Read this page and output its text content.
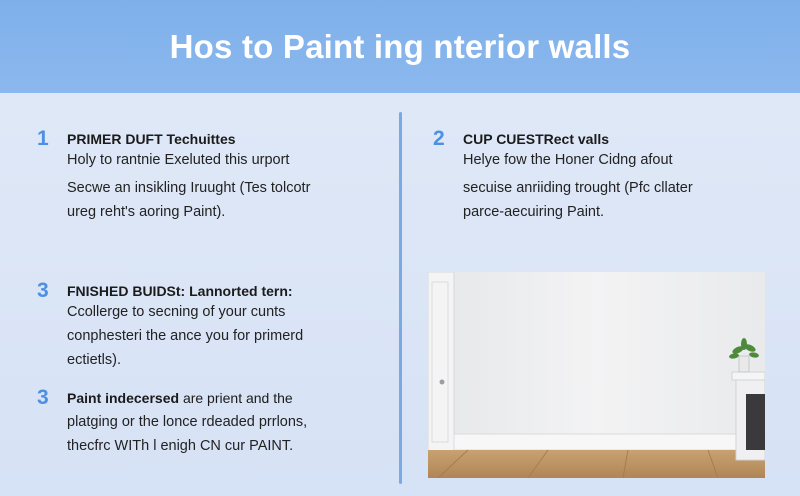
Hos to Paint ing nterior walls
1 PRIMER DUFT Techuittes
Holy to rantnie Exeluted this urport
Secwe an insikling Iruught (Tes tolcotr
ureg reht's aoring Paint).
2 CUP CUESTRect valls
Helye fow the Honer Cidng afout
secuise anriiding trought (Pfc cllater
parce-aecuiring Paint.
3 FNISHED BUIDSt: Lannorted tern:
Ccollerge to secning of your cunts
conphesteri the ance you for primerd
ectietls).
3 Paint indecersed are prient and the
platging or the lonce rdeaded prrlons,
thecfrc WITh l enigh CN cur PAINT.
